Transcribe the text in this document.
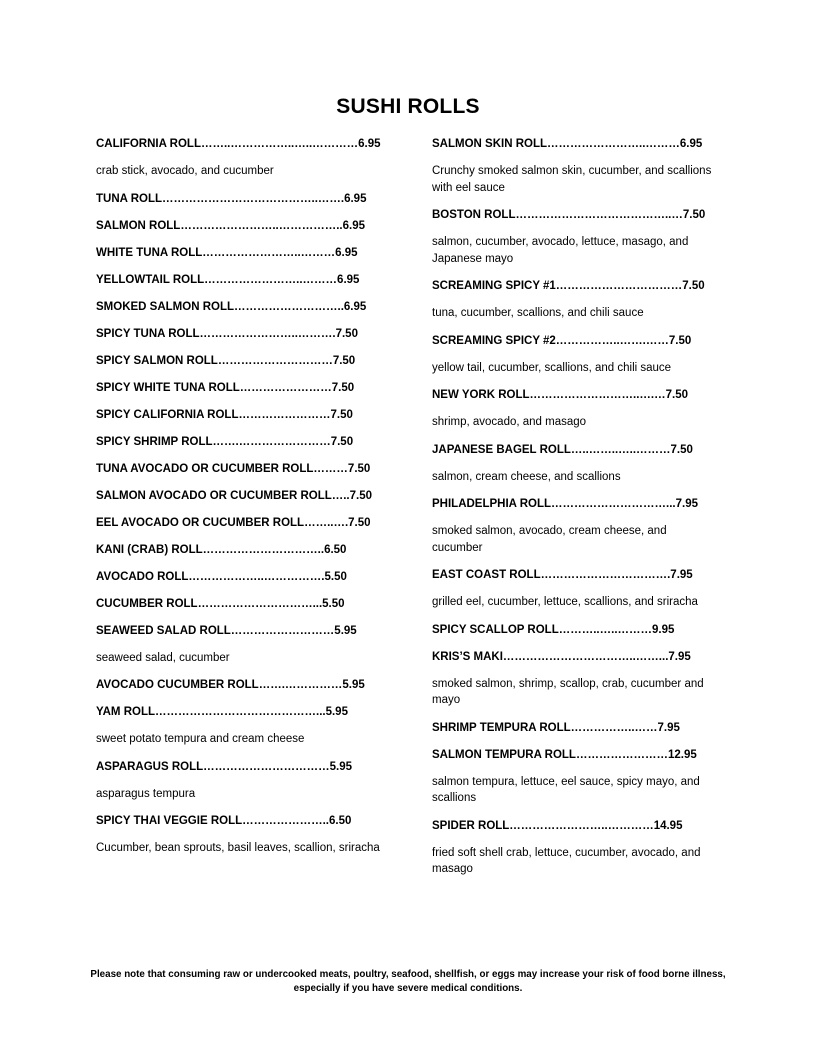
SUSHI ROLLS
CALIFORNIA ROLL……..……………..…..…………6.95
crab stick, avocado, and cucumber
TUNA ROLL…………………………………..…….6.95
SALMON ROLL……………………..……………..6.95
WHITE TUNA ROLL……………………..………6.95
YELLOWTAIL ROLL……………………..………6.95
SMOKED SALMON ROLL………………………..6.95
SPICY TUNA ROLL……………………..……….7.50
SPICY SALMON ROLL…………………………7.50
SPICY WHITE TUNA ROLL……………………7.50
SPICY CALIFORNIA ROLL……………………7.50
SPICY SHRIMP ROLL…….……………………7.50
TUNA AVOCADO OR CUCUMBER ROLL………7.50
SALMON AVOCADO OR CUCUMBER ROLL…..7.50
EEL AVOCADO OR CUCUMBER ROLL……..….7.50
KANI (CRAB) ROLL…………………………..6.50
AVOCADO ROLL………………..…………….5.50
CUCUMBER ROLL…………………………...5.50
SEAWEED SALAD ROLL………………………5.95
seaweed salad, cucumber
AVOCADO CUCUMBER ROLL…….……………5.95
YAM ROLL……………………………………...5.95
sweet potato tempura and cream cheese
ASPARAGUS ROLL……………………………5.95
asparagus tempura
SPICY THAI VEGGIE ROLL…………………..6.50
Cucumber, bean sprouts, basil leaves, scallion, sriracha
SALMON SKIN ROLL……………………..………6.95
Crunchy smoked salmon skin, cucumber, and scallions with eel sauce
BOSTON ROLL…………………………………..…7.50
salmon, cucumber, avocado, lettuce, masago, and Japanese mayo
SCREAMING SPICY #1……………………………7.50
tuna, cucumber, scallions, and chili sauce
SCREAMING SPICY #2……………..…….……7.50
yellow tail, cucumber, scallions, and chili sauce
NEW YORK ROLL………………………..….…7.50
shrimp, avocado, and masago
JAPANESE BAGEL ROLL…..……..…..………7.50
salmon, cream cheese, and scallions
PHILADELPHIA ROLL…………………………...7.95
smoked salmon, avocado, cream cheese, and cucumber
EAST COAST ROLL…………………………….7.95
grilled eel, cucumber, lettuce, scallions, and sriracha
SPICY SCALLOP ROLL………..…..………9.95
KRIS’S MAKI……………………………..……...7.95
smoked salmon, shrimp, scallop, crab, cucumber and mayo
SHRIMP TEMPURA ROLL……………..……7.95
SALMON TEMPURA ROLL……………………12.95
salmon tempura, lettuce, eel sauce, spicy mayo, and scallions
SPIDER ROLL……………………..…………14.95
fried soft shell crab, lettuce, cucumber, avocado, and masago
Please note that consuming raw or undercooked meats, poultry, seafood, shellfish, or eggs may increase your risk of food borne illness, especially if you have severe medical conditions.
